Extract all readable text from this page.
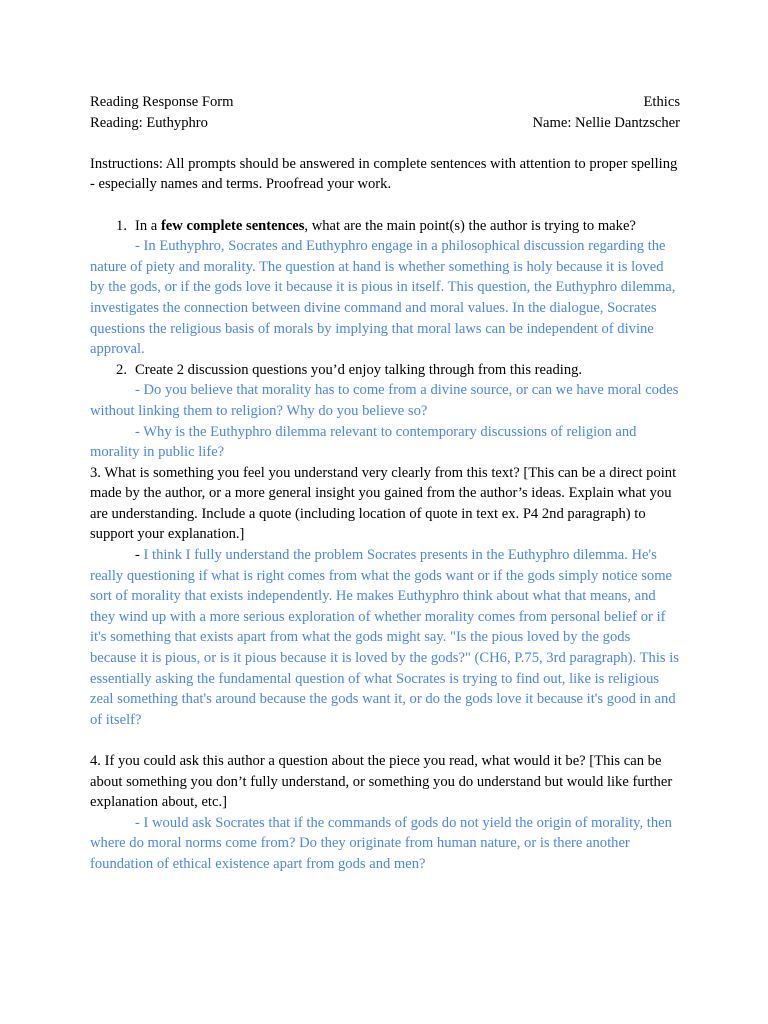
Reading Response Form	Ethics
Reading: Euthyphro	Name: Nellie Dantzscher

Instructions: All prompts should be answered in complete sentences with attention to proper spelling - especially names and terms. Proofread your work.

1. In a few complete sentences, what are the main point(s) the author is trying to make?

- In Euthyphro, Socrates and Euthyphro engage in a philosophical discussion regarding the nature of piety and morality. The question at hand is whether something is holy because it is loved by the gods, or if the gods love it because it is pious in itself. This question, the Euthyphro dilemma, investigates the connection between divine command and moral values. In the dialogue, Socrates questions the religious basis of morals by implying that moral laws can be independent of divine approval.

2. Create 2 discussion questions you’d enjoy talking through from this reading.

- Do you believe that morality has to come from a divine source, or can we have moral codes without linking them to religion? Why do you believe so?

- Why is the Euthyphro dilemma relevant to contemporary discussions of religion and morality in public life?

3. What is something you feel you understand very clearly from this text? [This can be a direct point made by the author, or a more general insight you gained from the author’s ideas. Explain what you are understanding. Include a quote (including location of quote in text ex. P4 2nd paragraph) to support your explanation.]

- I think I fully understand the problem Socrates presents in the Euthyphro dilemma. He's really questioning if what is right comes from what the gods want or if the gods simply notice some sort of morality that exists independently. He makes Euthyphro think about what that means, and they wind up with a more serious exploration of whether morality comes from personal belief or if it's something that exists apart from what the gods might say. "Is the pious loved by the gods because it is pious, or is it pious because it is loved by the gods?" (CH6, P.75, 3rd paragraph). This is essentially asking the fundamental question of what Socrates is trying to find out, like is religious zeal something that's around because the gods want it, or do the gods love it because it's good in and of itself?

4. If you could ask this author a question about the piece you read, what would it be? [This can be about something you don’t fully understand, or something you do understand but would like further explanation about, etc.]

- I would ask Socrates that if the commands of gods do not yield the origin of morality, then where do moral norms come from? Do they originate from human nature, or is there another foundation of ethical existence apart from gods and men?
